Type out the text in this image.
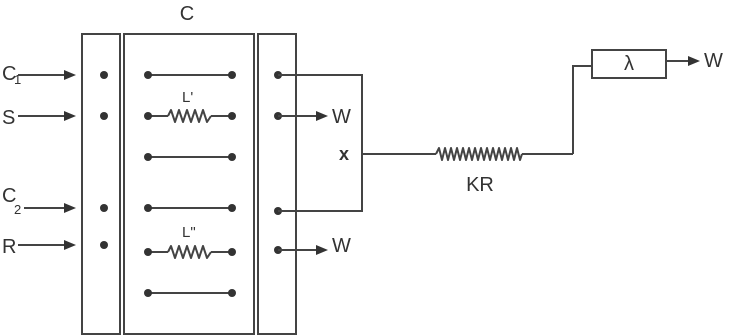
C
C
1
S
C
2
R
L'
L"
W
W
x
KR
λ	W
